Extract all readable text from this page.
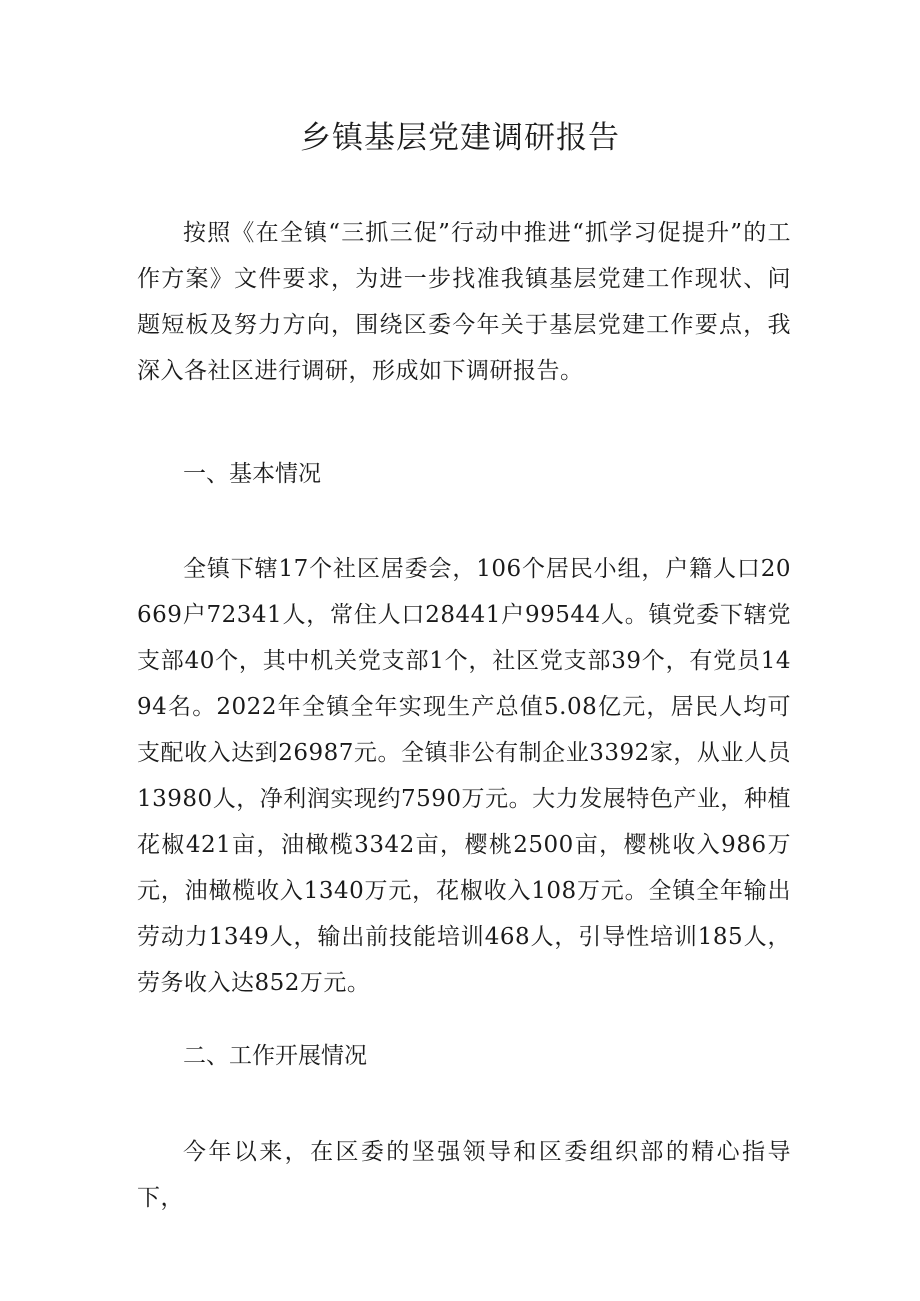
乡镇基层党建调研报告

按照《在全镇“三抓三促”行动中推进“抓学习促提升”的工作方案》文件要求，为进一步找准我镇基层党建工作现状、问题短板及努力方向，围绕区委今年关于基层党建工作要点，我深入各社区进行调研，形成如下调研报告。

一、基本情况

全镇下辖17个社区居委会，106个居民小组，户籍人口20669户72341人，常住人口28441户99544人。镇党委下辖党支部40个，其中机关党支部1个，社区党支部39个，有党员1494名。2022年全镇全年实现生产总值5.08亿元，居民人均可支配收入达到26987元。全镇非公有制企业3392家，从业人员13980人，净利润实现约7590万元。大力发展特色产业，种植花椒421亩，油橄榄3342亩，樱桃2500亩，樱桃收入986万元，油橄榄收入1340万元，花椒收入108万元。全镇全年输出劳动力1349人，输出前技能培训468人，引导性培训185人，劳务收入达852万元。

二、工作开展情况

今年以来，在区委的坚强领导和区委组织部的精心指导下，
